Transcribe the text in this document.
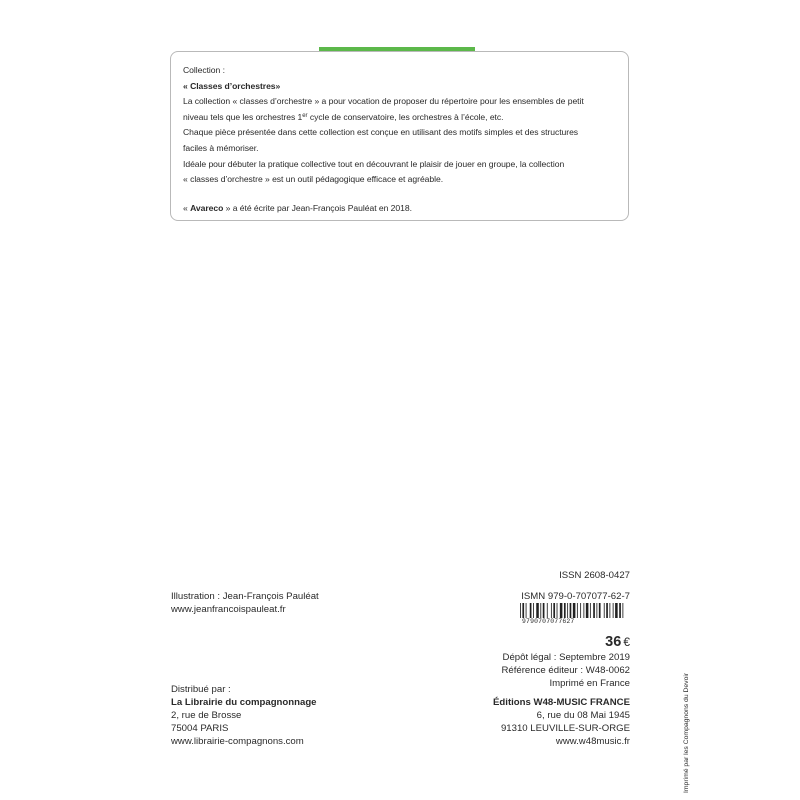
Collection :

« Classes d’orchestres»

La collection « classes d’orchestre » a pour vocation de proposer du répertoire pour les ensembles de petit

niveau tels que les orchestres 1er cycle de conservatoire, les orchestres à l’école, etc.

Chaque pièce présentée dans cette collection est conçue en utilisant des motifs simples et des structures

faciles à mémoriser.

Idéale pour débuter la pratique collective tout en découvrant le plaisir de jouer en groupe, la collection

« classes d’orchestre » est un outil pédagogique efficace et agréable.

« Avareco » a été écrite par Jean-François Pauléat en 2018.

Illustration : Jean-François Pauléat
www.jeanfrancoispauleat.fr
Distribué par :
La Librairie du compagnonnage
2, rue de Brosse
75004 PARIS
www.librairie-compagnons.com
ISSN 2608-0427
ISMN 979-0-707077-62-7
9790707077627
36 €
Dépôt légal : Septembre 2019
Référence éditeur : W48-0062
Imprimé en France
Éditions W48-MUSIC FRANCE
6, rue du 08 Mai 1945
91310 LEUVILLE-SUR-ORGE
www.w48music.fr	Imprimé par les Compagnons du Devoir
